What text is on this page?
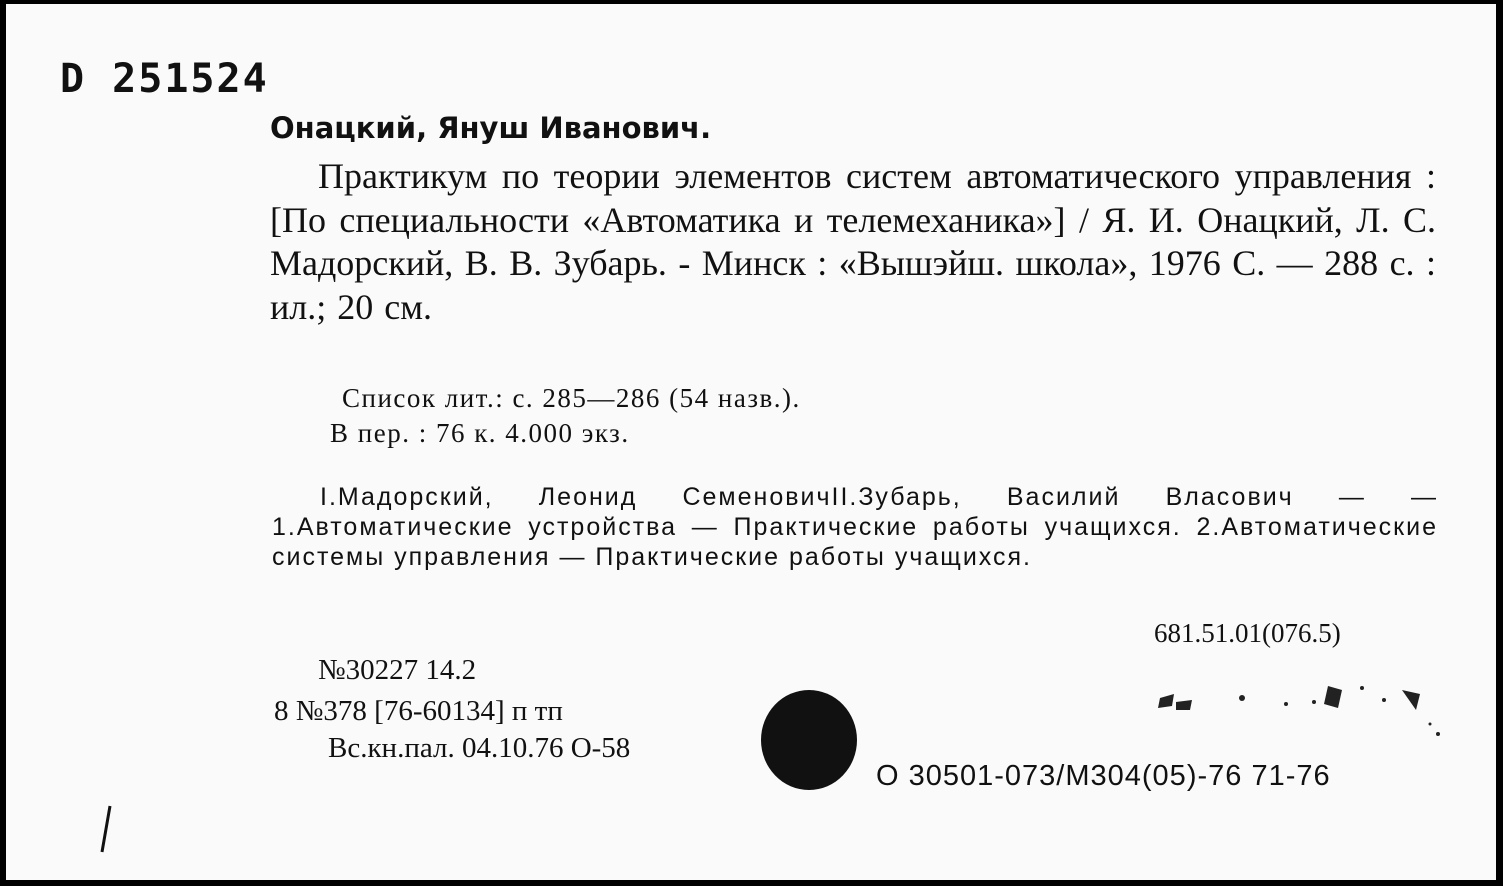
D 251524
Онацкий, Януш Иванович.

Практикум по теории элементов систем автоматического управления : [По специальности «Автоматика и телемеханика»] / Я. И. Онацкий, Л. С. Мадорский, В. В. Зубарь. - Минск : «Вышэйш. школа», 1976 С. — 288 с. : ил.; 20 см.

Список лит.: с. 285—286 (54 назв.).
В пер. : 76 к. 4.000 экз.

I.Мадорский, Леонид СеменовичII.Зубарь, Василий Власович — — 1.Автоматические устройства — Практические работы учащихся. 2.Автоматические системы управления — Практические работы учащихся.

681.51.01(076.5)
№30227 14.2
8 №378 [76-60134] п тп
Вс.кн.пал. 04.10.76 О-58
О 30501-073/М304(05)-76 71-76
